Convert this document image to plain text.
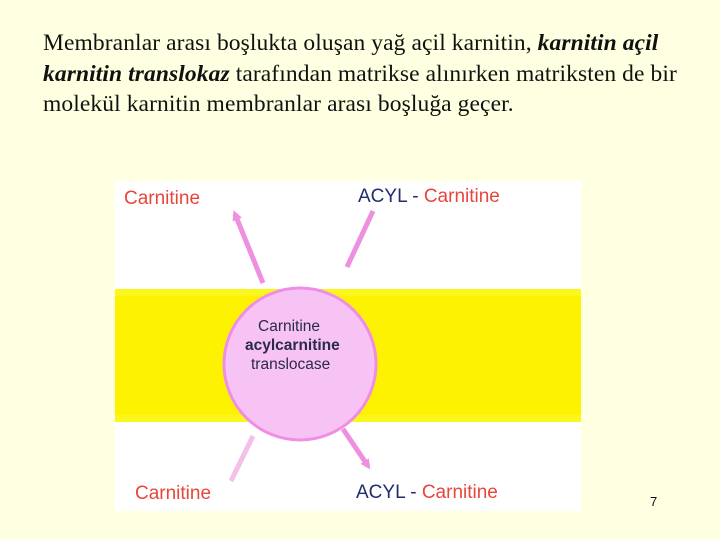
Membranlar arası boşlukta oluşan yağ açil karnitin, karnitin açil karnitin translokaz tarafından matrikse alınırken matriksten de bir molekül karnitin membranlar arası boşluğa geçer.
Carnitine	ACYL - Carnitine
Carnitine
acylcarnitine
translocase
Carnitine	ACYL - Carnitine	7
